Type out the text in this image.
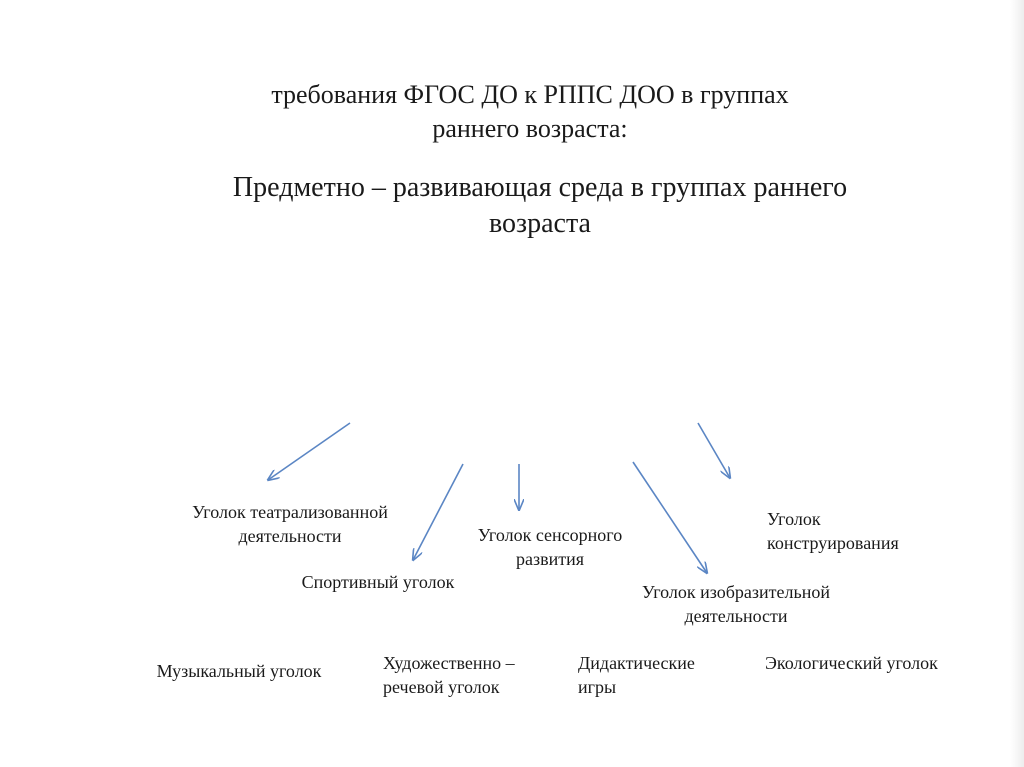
требования ФГОС ДО к РППС ДОО в группах
раннего возраста:
Предметно – развивающая среда в группах раннего
возраста
Уголок театрализованной
деятельности	Уголок сенсорного
развития
Уголок
конструирования
Спортивный уголок	Уголок изобразительной
деятельности
Музыкальный уголок	Художественно –
речевой уголок
Дидактические
игры
Экологический уголок
